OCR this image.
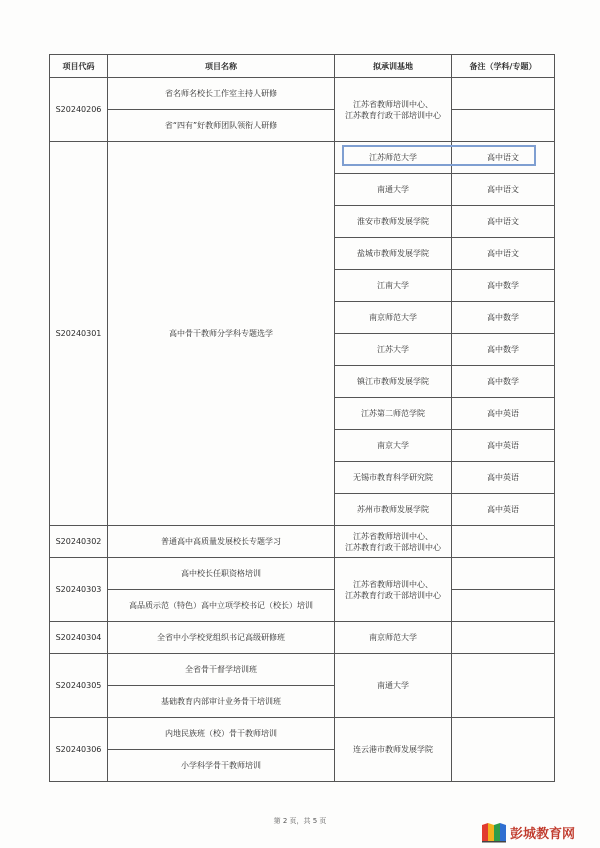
项目代码	项目名称	拟承训基地	备注（学科/专题）
S20240206	省名师名校长工作室主持人研修	江苏省教师培训中心、
江苏教育行政干部培训中心	
	省“四有”好教师团队领衔人研修		
S20240301	高中骨干教师分学科专题选学	江苏师范大学	高中语文
		南通大学	高中语文
		淮安市教师发展学院	高中语文
		盐城市教师发展学院	高中语文
		江南大学	高中数学
		南京师范大学	高中数学
		江苏大学	高中数学
		镇江市教师发展学院	高中数学
		江苏第二师范学院	高中英语
		南京大学	高中英语
		无锡市教育科学研究院	高中英语
		苏州市教师发展学院	高中英语
S20240302	普通高中高质量发展校长专题学习	江苏省教师培训中心、
江苏教育行政干部培训中心	
S20240303	高中校长任职资格培训	江苏省教师培训中心、
江苏教育行政干部培训中心	
	高品质示范（特色）高中立项学校书记（校长）培训		
S20240304	全省中小学校党组织书记高级研修班	南京师范大学	
S20240305	全省骨干督学培训班	南通大学	
	基础教育内部审计业务骨干培训班		
S20240306	内地民族班（校）骨干教师培训	连云港市教师发展学院	
	小学科学骨干教师培训		
第 2 页，共 5 页
彭城教育网
